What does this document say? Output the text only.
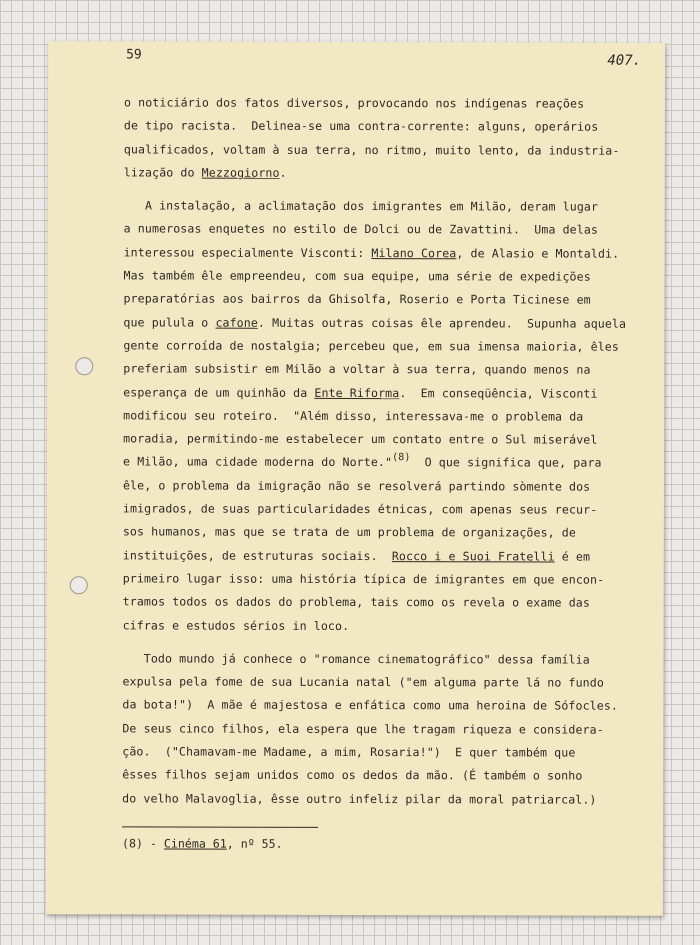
59	407.
o noticiário dos fatos diversos, provocando nos indígenas reações
de tipo racista.  Delinea-se uma contra-corrente: alguns, operários
qualificados, voltam à sua terra, no ritmo, muito lento, da industria-
lização do Mezzogiorno.
A instalação, a aclimatação dos imigrantes em Milão, deram lugar
a numerosas enquetes no estilo de Dolci ou de Zavattini.  Uma delas
interessou especialmente Visconti: Milano Corea, de Alasio e Montaldi.
Mas também êle empreendeu, com sua equipe, uma série de expedições
preparatórias aos bairros da Ghisolfa, Roserio e Porta Ticinese em
que pulula o cafone. Muitas outras coisas êle aprendeu.  Supunha aquela
gente corroída de nostalgia; percebeu que, em sua imensa maioria, êles
preferiam subsistir em Milão a voltar à sua terra, quando menos na
esperança de um quinhão da Ente Riforma.  Em conseqüência, Visconti
modificou seu roteiro.  "Além disso, interessava-me o problema da
moradia, permitindo-me estabelecer um contato entre o Sul miserável
e Milão, uma cidade moderna do Norte."(8)  O que significa que, para
êle, o problema da imigração não se resolverá partindo sòmente dos
imigrados, de suas particularidades étnicas, com apenas seus recur-
sos humanos, mas que se trata de um problema de organizações, de
instituições, de estruturas sociais.  Rocco i e Suoi Fratelli é em
primeiro lugar isso: uma história típica de imigrantes em que encon-
tramos todos os dados do problema, tais como os revela o exame das
cifras e estudos sérios in loco.
Todo mundo já conhece o "romance cinematográfico" dessa família
expulsa pela fome de sua Lucania natal ("em alguma parte lá no fundo
da bota!")  A mãe é majestosa e enfática como uma heroina de Sófocles.
De seus cinco filhos, ela espera que lhe tragam riqueza e considera-
ção.  ("Chamavam-me Madame, a mim, Rosaria!")  E quer também que
êsses filhos sejam unidos como os dedos da mão. (É também o sonho
do velho Malavoglia, êsse outro infeliz pilar da moral patriarcal.)
(8) - Cinéma 61, nº 55.
